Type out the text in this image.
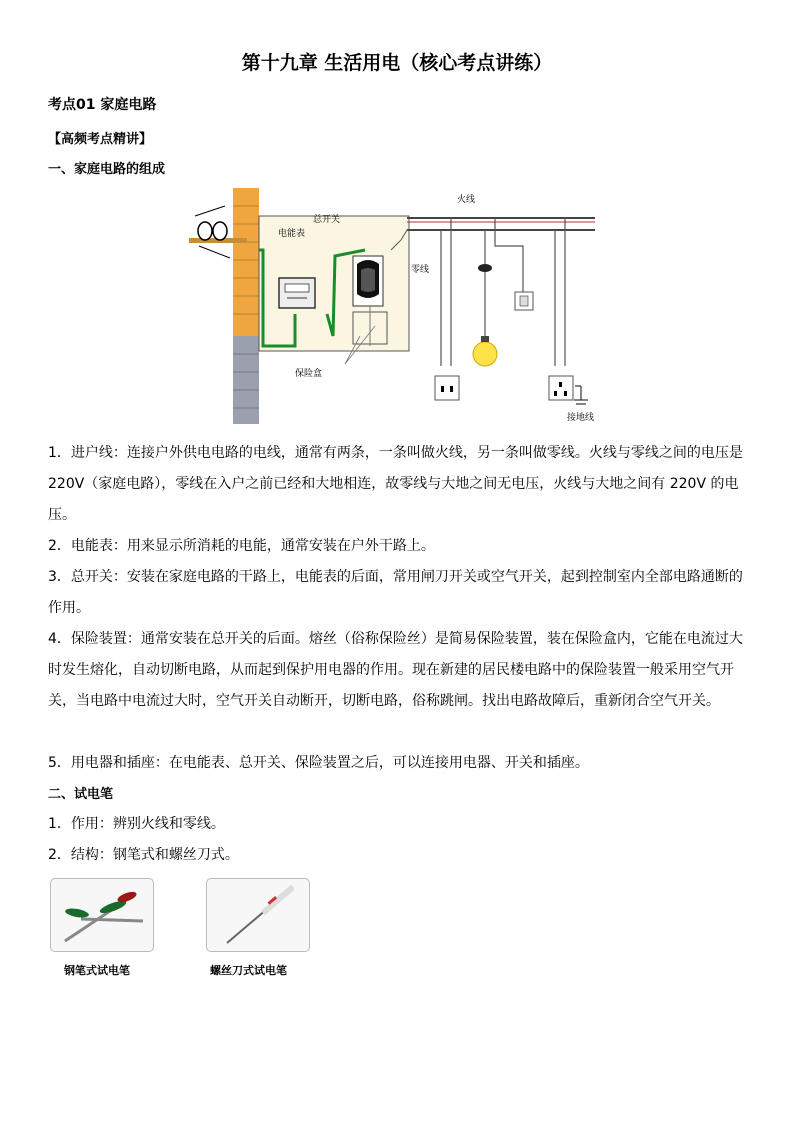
第十九章 生活用电（核心考点讲练）
考点01 家庭电路
【高频考点精讲】
一、家庭电路的组成
电能表
总开关
火线
零线
保险盒
接地线
1．进户线：连接户外供电电路的电线，通常有两条，一条叫做火线，另一条叫做零线。火线与零线之间的电压是 220V（家庭电路），零线在入户之前已经和大地相连，故零线与大地之间无电压，火线与大地之间有 220V 的电压。
2．电能表：用来显示所消耗的电能，通常安装在户外干路上。
3．总开关：安装在家庭电路的干路上，电能表的后面，常用闸刀开关或空气开关，起到控制室内全部电路通断的作用。
4．保险装置：通常安装在总开关的后面。熔丝（俗称保险丝）是简易保险装置，装在保险盒内，它能在电流过大时发生熔化，自动切断电路，从而起到保护用电器的作用。现在新建的居民楼电路中的保险装置一般采用空气开关，当电路中电流过大时，空气开关自动断开，切断电路，俗称跳闸。找出电路故障后，重新闭合空气开关。
5．用电器和插座：在电能表、总开关、保险装置之后，可以连接用电器、开关和插座。
二、试电笔
1．作用：辨别火线和零线。
2．结构：钢笔式和螺丝刀式。
钢笔式试电笔	螺丝刀式试电笔
